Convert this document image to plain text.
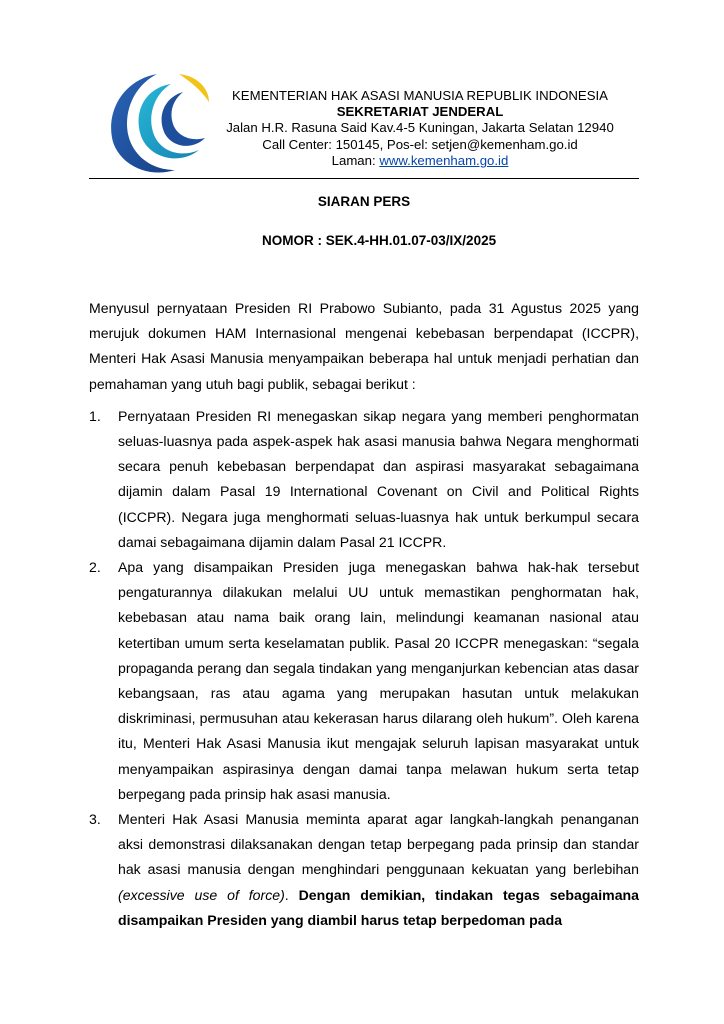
KEMENTERIAN HAK ASASI MANUSIA REPUBLIK INDONESIA
SEKRETARIAT JENDERAL
Jalan H.R. Rasuna Said Kav.4-5 Kuningan, Jakarta Selatan 12940
Call Center: 150145, Pos-el: setjen@kemenham.go.id
Laman: www.kemenham.go.id
SIARAN PERS
NOMOR : SEK.4-HH.01.07-03/IX/2025

Menyusul pernyataan Presiden RI Prabowo Subianto, pada 31 Agustus 2025 yang merujuk dokumen HAM Internasional mengenai kebebasan berpendapat (ICCPR), Menteri Hak Asasi Manusia menyampaikan beberapa hal untuk menjadi perhatian dan pemahaman yang utuh bagi publik, sebagai berikut :

1. Pernyataan Presiden RI menegaskan sikap negara yang memberi penghormatan seluas-luasnya pada aspek-aspek hak asasi manusia bahwa Negara menghormati secara penuh kebebasan berpendapat dan aspirasi masyarakat sebagaimana dijamin dalam Pasal 19 International Covenant on Civil and Political Rights (ICCPR). Negara juga menghormati seluas-luasnya hak untuk berkumpul secara damai sebagaimana dijamin dalam Pasal 21 ICCPR.
2. Apa yang disampaikan Presiden juga menegaskan bahwa hak-hak tersebut pengaturannya dilakukan melalui UU untuk memastikan penghormatan hak, kebebasan atau nama baik orang lain, melindungi keamanan nasional atau ketertiban umum serta keselamatan publik. Pasal 20 ICCPR menegaskan: “segala propaganda perang dan segala tindakan yang menganjurkan kebencian atas dasar kebangsaan, ras atau agama yang merupakan hasutan untuk melakukan diskriminasi, permusuhan atau kekerasan harus dilarang oleh hukum”. Oleh karena itu, Menteri Hak Asasi Manusia ikut mengajak seluruh lapisan masyarakat untuk menyampaikan aspirasinya dengan damai tanpa melawan hukum serta tetap berpegang pada prinsip hak asasi manusia.
3. Menteri Hak Asasi Manusia meminta aparat agar langkah-langkah penanganan aksi demonstrasi dilaksanakan dengan tetap berpegang pada prinsip dan standar hak asasi manusia dengan menghindari penggunaan kekuatan yang berlebihan (excessive use of force). Dengan demikian, tindakan tegas sebagaimana disampaikan Presiden yang diambil harus tetap berpedoman pada
